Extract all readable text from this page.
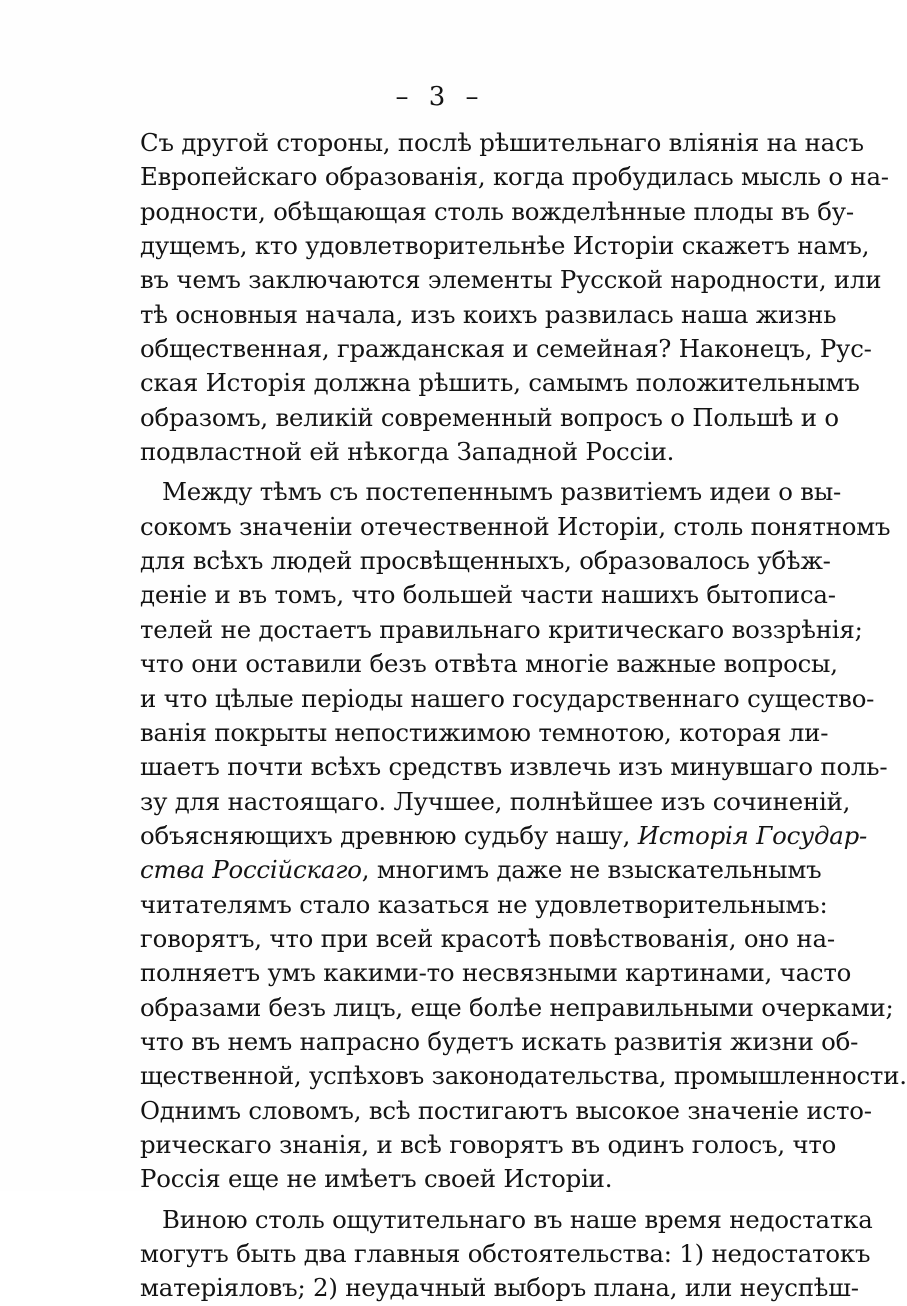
– 3 –
Съ другой стороны, послѣ рѣшительнаго вліянія на насъ
Европейскаго образованія, когда пробудилась мысль о на-
родности, обѣщающая столь вожделѣнные плоды въ бу-
дущемъ, кто удовлетворительнѣе Исторіи скажетъ намъ,
въ чемъ заключаются элементы Русской народности, или
тѣ основныя начала, изъ коихъ развилась наша жизнь
общественная, гражданская и семейная? Наконецъ, Рус-
ская Исторія должна рѣшить, самымъ положительнымъ
образомъ, великій современный вопросъ о Польшѣ и о
подвластной ей нѣкогда Западной Россіи.
Между тѣмъ съ постепеннымъ развитіемъ идеи о вы-
сокомъ значеніи отечественной Исторіи, столь понятномъ
для всѣхъ людей просвѣщенныхъ, образовалось убѣж-
деніе и въ томъ, что большей части нашихъ бытописа-
телей не достаетъ правильнаго критическаго воззрѣнія;
что они оставили безъ отвѣта многіе важные вопросы,
и что цѣлые періоды нашего государственнаго существо-
ванія покрыты непостижимою темнотою, которая ли-
шаетъ почти всѣхъ средствъ извлечь изъ минувшаго поль-
зу для настоящаго. Лучшее, полнѣйшее изъ сочиненій,
объясняющихъ древнюю судьбу нашу, Исторія Государ-
ства Россійскаго, многимъ даже не взыскательнымъ
читателямъ стало казаться не удовлетворительнымъ:
говорятъ, что при всей красотѣ повѣствованія, оно на-
полняетъ умъ какими-то несвязными картинами, часто
образами безъ лицъ, еще болѣе неправильными очерками;
что въ немъ напрасно будетъ искать развитія жизни об-
щественной, успѣховъ законодательства, промышленности.
Однимъ словомъ, всѣ постигаютъ высокое значеніе исто-
рическаго знанія, и всѣ говорятъ въ одинъ голосъ, что
Россія еще не имѣетъ своей Исторіи.
Виною столь ощутительнаго въ наше время недостатка
могутъ быть два главныя обстоятельства: 1) недостатокъ
матеріяловъ; 2) неудачный выборъ плана, или неуспѣш-
